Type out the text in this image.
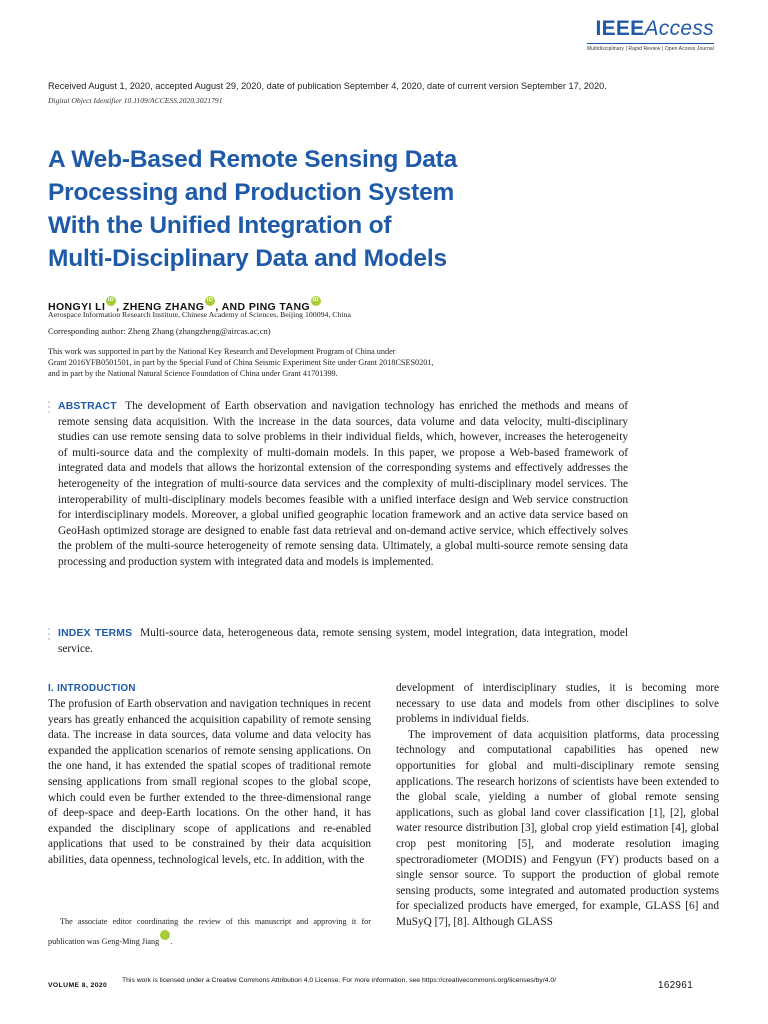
IEEEAccess
Multidisciplinary | Rapid Review | Open Access Journal
Received August 1, 2020, accepted August 29, 2020, date of publication September 4, 2020, date of current version September 17, 2020.
Digital Object Identifier 10.1109/ACCESS.2020.3021791
A Web-Based Remote Sensing Data
Processing and Production System
With the Unified Integration of
Multi-Disciplinary Data and Models
HONGYI LI iD , ZHENG ZHANG iD , AND PING TANGiD
Aerospace Information Research Institute, Chinese Academy of Sciences, Beijing 100094, China
Corresponding author: Zheng Zhang (zhangzheng@aircas.ac.cn)
This work was supported in part by the National Key Research and Development Program of China under
Grant 2016YFB0501501, in part by the Special Fund of China Seismic Experiment Site under Grant 2018CSES0201,
and in part by the National Natural Science Foundation of China under Grant 41701399.
ABSTRACT The development of Earth observation and navigation technology has enriched the methods and means of remote sensing data acquisition. With the increase in the data sources, data volume and data velocity, multi-disciplinary studies can use remote sensing data to solve problems in their individual fields, which, however, increases the heterogeneity of multi-source data and the complexity of multi-domain models. In this paper, we propose a Web-based framework of integrated data and models that allows the horizontal extension of the corresponding systems and effectively addresses the heterogeneity of the integration of multi-source data services and the complexity of multi-disciplinary model services. The interoperability of multi-disciplinary models becomes feasible with a unified interface design and Web service construction for interdisciplinary models. Moreover, a global unified geographic location framework and an active data service based on GeoHash optimized storage are designed to enable fast data retrieval and on-demand active service, which effectively solves the problem of the multi-source heterogeneity of remote sensing data. Ultimately, a global multi-source remote sensing data processing and production system with integrated data and models is implemented.
INDEX TERMS Multi-source data, heterogeneous data, remote sensing system, model integration, data integration, model service.
I. INTRODUCTION
The profusion of Earth observation and navigation techniques in recent years has greatly enhanced the acquisition capability of remote sensing data. The increase in data sources, data volume and data velocity has expanded the application scenarios of remote sensing applications. On the one hand, it has extended the spatial scopes of traditional remote sensing applications from small regional scopes to the global scope, which could even be further extended to the three-dimensional range of deep-space and deep-Earth locations. On the other hand, it has expanded the disciplinary scope of applications and re-enabled applications that used to be constrained by their data acquisition abilities, data openness, technological levels, etc. In addition, with the
development of interdisciplinary studies, it is becoming more necessary to use data and models from other disciplines to solve problems in individual fields.
The improvement of data acquisition platforms, data processing technology and computational capabilities has opened new opportunities for global and multi-disciplinary remote sensing applications. The research horizons of scientists have been extended to the global scale, yielding a number of global remote sensing applications, such as global land cover classification [1], [2], global water resource distribution [3], global crop yield estimation [4], global crop pest monitoring [5], and moderate resolution imaging spectroradiometer (MODIS) and Fengyun (FY) products based on a single sensor source. To support the production of global remote sensing products, some integrated and automated production systems for specialized products have emerged, for example, GLASS [6] and MuSyQ [7], [8]. Although GLASS
The associate editor coordinating the review of this manuscript and approving it for publication was Geng-Ming JiangiD
VOLUME 8, 2020
This work is licensed under a Creative Commons Attribution 4.0 License. For more information, see https://creativecommons.org/licenses/by/4.0/	162961
